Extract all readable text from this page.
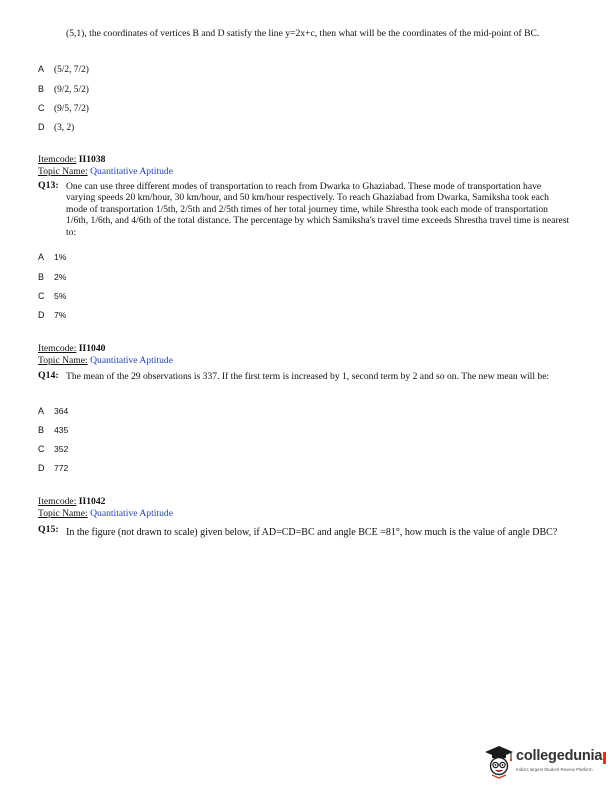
(5,1), the coordinates of vertices B and D satisfy the line y=2x+c, then what will be the coordinates of the mid-point of BC.
A (5/2, 7/2)
B (9/2, 5/2)
C (9/5, 7/2)
D (3, 2)
Itemcode: II1038
Topic Name: Quantitative Aptitude
Q13: One can use three different modes of transportation to reach from Dwarka to Ghaziabad. These mode of transportation have varying speeds 20 km/hour, 30 km/hour, and 50 km/hour respectively. To reach Ghaziabad from Dwarka, Samiksha took each mode of transportation 1/5th, 2/5th and 2/5th times of her total journey time, while Shrestha took each mode of transportation 1/6th, 1/6th, and 4/6th of the total distance. The percentage by which Samiksha's travel time exceeds Shrestha travel time is nearest to:
A 1%
B 2%
C 5%
D 7%
Itemcode: II1040
Topic Name: Quantitative Aptitude
Q14: The mean of the 29 observations is 337. If the first term is increased by 1, second term by 2 and so on. The new mean will be:
A 364
B 435
C 352
D 772
Itemcode: II1042
Topic Name: Quantitative Aptitude
Q15: In the figure (not drawn to scale) given below, if AD=CD=BC and angle BCE =81°, how much is the value of angle DBC?
collegedunia
India's largest Student Review Platform
